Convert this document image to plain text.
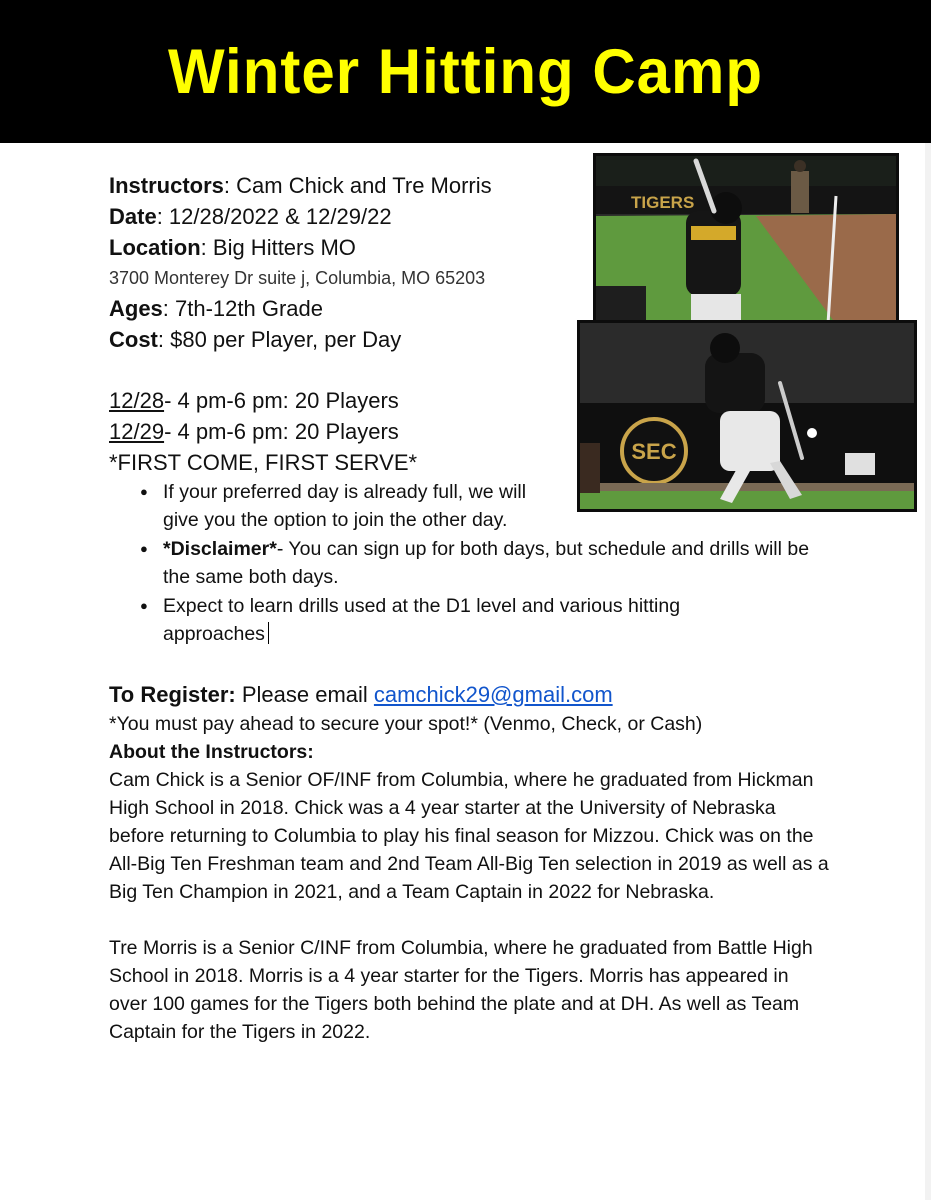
Winter Hitting Camp
TIGERS
SEC
Instructors: Cam Chick and Tre Morris
Date: 12/28/2022 & 12/29/22
Location: Big Hitters MO
3700 Monterey Dr suite j, Columbia, MO 65203
Ages: 7th-12th Grade
Cost: $80 per Player, per Day
12/28- 4 pm-6 pm: 20 Players
12/29- 4 pm-6 pm: 20 Players
*FIRST COME, FIRST SERVE*
● If your preferred day is already full, we will give you the option to join the other day.
● *Disclaimer*- You can sign up for both days, but schedule and drills will be the same both days.
● Expect to learn drills used at the D1 level and various hitting approaches
To Register: Please email camchick29@gmail.com
*You must pay ahead to secure your spot!* (Venmo, Check, or Cash)
About the Instructors:
Cam Chick is a Senior OF/INF from Columbia, where he graduated from Hickman High School in 2018. Chick was a 4 year starter at the University of Nebraska before returning to Columbia to play his final season for Mizzou. Chick was on the All-Big Ten Freshman team and 2nd Team All-Big Ten selection in 2019 as well as a Big Ten Champion in 2021, and a Team Captain in 2022 for Nebraska.
Tre Morris is a Senior C/INF from Columbia, where he graduated from Battle High School in 2018. Morris is a 4 year starter for the Tigers. Morris has appeared in over 100 games for the Tigers both behind the plate and at DH. As well as Team Captain for the Tigers in 2022.
